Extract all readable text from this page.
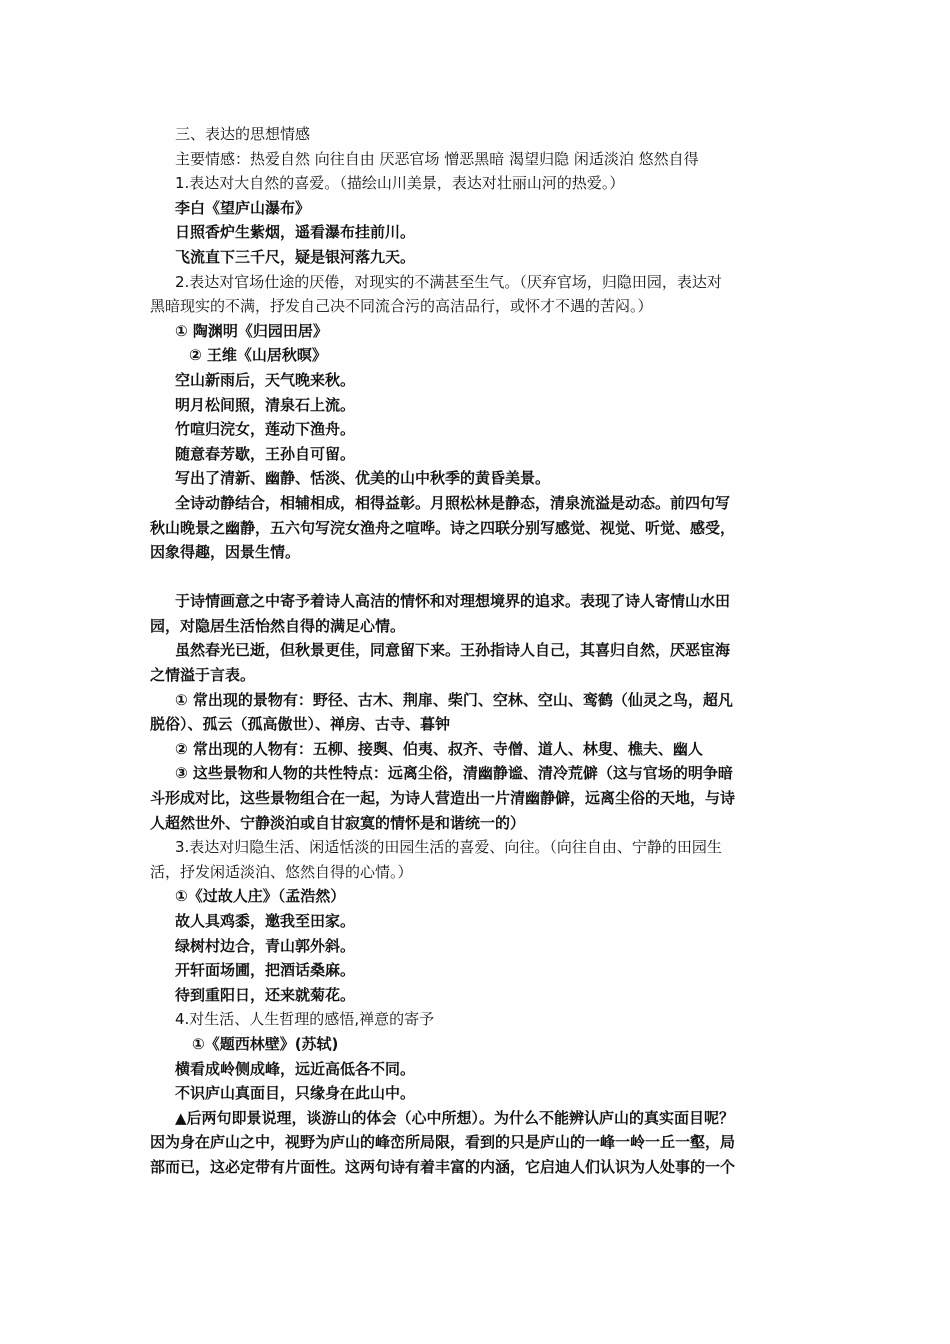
三、表达的思想情感
主要情感：热爱自然 向往自由 厌恶官场 憎恶黑暗 渴望归隐 闲适淡泊 悠然自得
1.表达对大自然的喜爱。（描绘山川美景，表达对壮丽山河的热爱。）
李白《望庐山瀑布》
日照香炉生紫烟，遥看瀑布挂前川。
飞流直下三千尺，疑是银河落九天。
2.表达对官场仕途的厌倦，对现实的不满甚至生气。（厌弃官场，归隐田园，表达对
黑暗现实的不满，抒发自己决不同流合污的高洁品行，或怀才不遇的苦闷。）
① 陶渊明《归园田居》
② 王维《山居秋暝》
空山新雨后，天气晚来秋。
明月松间照，清泉石上流。
竹喧归浣女，莲动下渔舟。
随意春芳歇，王孙自可留。
写出了清新、幽静、恬淡、优美的山中秋季的黄昏美景。
全诗动静结合，相辅相成，相得益彰。月照松林是静态，清泉流溢是动态。前四句写
秋山晚景之幽静，五六句写浣女渔舟之喧哗。诗之四联分别写感觉、视觉、听觉、感受，
因象得趣，因景生情。
于诗情画意之中寄予着诗人高洁的情怀和对理想境界的追求。表现了诗人寄情山水田
园，对隐居生活怡然自得的满足心情。
虽然春光已逝，但秋景更佳，同意留下来。王孙指诗人自己，其喜归自然，厌恶宦海
之情溢于言表。
① 常出现的景物有：野径、古木、荆扉、柴门、空林、空山、鸾鹤（仙灵之鸟，超凡
脱俗）、孤云（孤高傲世）、禅房、古寺、暮钟
② 常出现的人物有：五柳、接舆、伯夷、叔齐、寺僧、道人、林叟、樵夫、幽人
③ 这些景物和人物的共性特点：远离尘俗，清幽静谧、清冷荒僻（这与官场的明争暗
斗形成对比，这些景物组合在一起，为诗人营造出一片清幽静僻，远离尘俗的天地，与诗
人超然世外、宁静淡泊或自甘寂寞的情怀是和谐统一的）
3.表达对归隐生活、闲适恬淡的田园生活的喜爱、向往。（向往自由、宁静的田园生
活，抒发闲适淡泊、悠然自得的心情。）
①《过故人庄》（孟浩然）
故人具鸡黍，邀我至田家。
绿树村边合，青山郭外斜。
开轩面场圃，把酒话桑麻。
待到重阳日，还来就菊花。
4.对生活、人生哲理的感悟,禅意的寄予
①《题西林壁》(苏轼)
横看成岭侧成峰，远近高低各不同。
不识庐山真面目，只缘身在此山中。
▲后两句即景说理，谈游山的体会（心中所想）。为什么不能辨认庐山的真实面目呢？
因为身在庐山之中，视野为庐山的峰峦所局限，看到的只是庐山的一峰一岭一丘一壑，局
部而已，这必定带有片面性。这两句诗有着丰富的内涵，它启迪人们认识为人处事的一个
